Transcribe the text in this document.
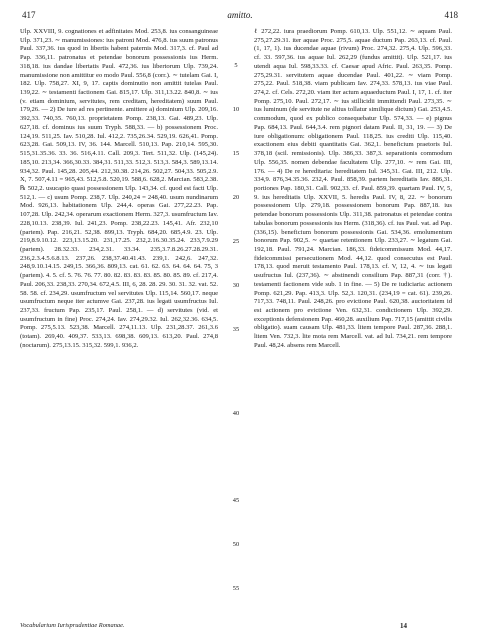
417	amitto.	418

Ulp. XXVIII, 9. cognationes et adfinitates Mod. 253,8. ius consanguineae Ulp. 371,23. ∼ manumissiones: ius patroni Mod. 476,8. ius suum patronus Paul. 337,36. ius quod in libertis habent paternis Mod. 317,3. cf. Paul ad Pap. 336,11. patronatus et petendae bonorum possessionis ius Herm. 318,18. ius dandae libertatis Paul. 472,36. ius libertorum Ulp. 739,24. manumissione non amittitur eo modo Paul. 556,8 (corr.). ∼ tutelam Gai. I, 182. Ulp. 758,27. XI, 9, 17. captis dominutio non amittit tutelas Paul. 139,22. ∼ testamenti factionem Gai. 815,17. Ulp. 311,13.22. 840,8. ∼ ius (v. etiam dominium, servitutes, rem creditam, hereditatem) suum Paul. 179,26. — 2) De iure ad res pertinente. amittere a) dominium Ulp. 209,16. 392,33. 740,35. 760,13. proprietatem Pomp. 238,13. Gai. 489,23. Ulp. 627,18. cf. dominus ius suum Tryph. 588,33. — b) possessionem Proc. 124,19. 511,25. Iav. 510,28. Iul. 412,2. 735,26.34. 529,19. 626,41. Pomp. 623,28. Gai. 509,13. IV, 36. 144. Marcell. 510,13. Pap. 210,14. 595,30. 515,31.35.36. 33. 36. 516,4.11. Call. 209,3. Tert. 511,32. Ulp. (145,24). 185,10. 213,34. 366,30.33. 384,31. 511,33. 512,3. 513,3. 584,3. 589,13.14. 934,32. Paul. 145,28. 205,44. 212,30.38. 214,26. 502,27. 504,33. 505,2.9. X, 7. 507,4.11 = 965,43. 512,5.8. 520,19. 588,6. 628,2. Marcian. 583,2.38. ℞ 502,2. usucapio quasi possessionem Ulp. 143,34. cf. quod est facti Ulp. 512,1. — c) usum Pomp. 238,7. Ulp. 240,24 = 248,40. usum nundinarum Mod. 926,13. habitationem Ulp. 244,4. operas Gai. 277,22.23. Pap. 107,28. Ulp. 242,34. operarum exactionem Herm. 327,3. usumfructum Iav. 228,10.13. 238,39. Iul. 241,23. Pomp. 238,22.23. 145,41. Afr. 232,10 (partem). Pap. 216,21. 52,38. 899,13. Tryph. 684,20. 685,4.9. 23. Ulp. 219,8.9.10.12. 223,13.15.20. 231,17.25. 232,2.16.30.35.24. 233,7.9.29 (partem). 28.32.33. 234,2.31. 33.34. 235,3.7.8.26.27.28.29.31. 236,2.3.4.5.6.8.13. 237,26. 238,37.40.41.43. 239,1. 242,6. 247,32. 248,9.10.14.15. 249,15. 366,36. 809,13. cat. 61. 62. 63. 64. 64. 64. 75, 3 (partem). 4. 5. cf. 5. 76. 76. 77. 80. 82. 83. 83. 83. 85. 80. 85. 89. cf. 217,4. Paul. 206,33. 238,33. 270,34. 672,4.5. III, 6, 28. 28. 29. 30. 31. 32. vat. 52. 58. 58. cf. 234,29. usumfructum vel servitutes Ulp. 115,14. 560,17. neque usumfructum neque iter actumve Gai. 237,28. ius legati usumfructus Iul. 237,33. fructum Pap. 235,17. Paul. 258,1. — d) servitutes (vid. et usumfructum in fine) Proc. 274,24. Iav. 274,29.32. Iul. 262,32.36. 634,5. Pomp. 275,5.13. 523,38. Marcell. 274,11.13. Ulp. 231,28.37. 261,3.6 (totam). 269,40. 409,37. 533,13. 698,38. 609,13. 613,20. Paul. 274,8 (noctarum). 275,13.15. 315,32. 599,1. 936,2.

5
10
15
20
25
30
35
40
45
50
55

ℓ 272,22. iura praediorum Pomp. 610,13. Ulp. 551,12. ∼ aquam Paul. 275,27.29.31. iter aquae Proc. 275,5. aquae ductum Pap. 263,13. cf. Paul. (1, 17, 1). ius ducendae aquae (rivum) Proc. 274,32. 275,4. Ulp. 596,33. cf. 33. 597,36. ius aquae Iul. 262,29 (fundus amittit). Ulp. 521,17. ius utendi aqua Iul. 598,33.33. cf. Caesar apud Afric. Paul. 263,35. Pomp. 275,29.31. servitutem aquae ducendae Paul. 401,22. ∼ viam Pomp. 275,22. Paul. 518,38. viam publicam Iav. 274,33. 578,13. ius viae Paul. 274,2. cf. Cels. 272,20. viam iter actum aquaeductum Paul. I, 17, 1. cf. iter Pomp. 275,10. Paul. 272,17. ∼ ius stillicidii immittendi Paul. 273,35. ∼ ius luminum (de servitute ne altius tollatur similique dictum) Gai. 253,4.5. commodum, quod ex publico consequebatur Ulp. 574,33. — e) pignus Pap. 684,13. Paul. 644,3.4. rem pignori datam Paul. II, 31, 19. — 3) De iure obligationum: obligationem Paul. 118,25. ius crediti Ulp. 115,40. exactionem eius debiti quantitatis Gai. 362,1. beneficium praetoris Iul. 378,18 (scil. remissionis). Ulp. 386,33. 387,3. separationis commodum Ulp. 556,35. nomen debendae facultatem Ulp. 277,10. ∼ rem Gai. III, 176. — 4) De re hereditaria: hereditatem Iul. 345,31. Gai. III, 212. Ulp. 334,9. 876,34.35.36. 232,4. Paul. 858,39. partem hereditatis Iav. 886,31. portiones Pap. 180,31. Call. 902,33. cf. Paul. 859,39. quartam Paul. IV, 5, 9. ius hereditatis Ulp. XXVII, 5. heredis Paul. IV, 8, 22. ∼ bonorum possessionem Ulp. 279,18. possessionem bonorum Pap. 887,18. ius petendae bonorum possessionis Ulp. 311,38. patronatus et petendae contra tabulas bonorum possessionis ius Herm. (318,36). cf. ius Paul. vat. ad Pap. (336,15). beneficium bonorum possessionis Gai. 534,36. emolumentum bonorum Pap. 902,5. ∼ quartae retentionem Ulp. 233,27. ∼ legatum Gai. 192,18. Paul. 791,24. Marcian. 186,33. fideicommissum Mod. 44,17. fideicommissi persecutionem Mod. 44,12. quod consecutus est Paul. 178,13. quod meruit testamento Paul. 178,13. cf. V, 12, 4. ∼ ius legati usufructus Iul. (237,36). ∼ abstinendi consilium Pap. 887,31 (corr. †). testamenti factionem vide sub. 1 in fine. — 5) De re iudiciaria: actionem Pomp. 621,29. Pap. 413,3. Ulp. 52,3. 120,31. (234,19 = cat. 61). 239,26. 717,33. 748,11. Paul. 248,26. pro evictione Paul. 620,38. auctoritatem id est actionem pro evictione Ven. 632,31. condictionem Ulp. 392,29. exceptionis defensionem Pap. 460,28. auxilium Pap. 717,15 (amittit civilis obligatio). suam causam Ulp. 481,33. litem tempore Paul. 287,36. 288,1. litem Ven. 732,3. lite mota rem Marcell. vat. ad Iul. 734,21. rem tempore Paul. 48,24. absens rem Marcell.

Vocabularium Iurisprudentiae Romanae.	14
